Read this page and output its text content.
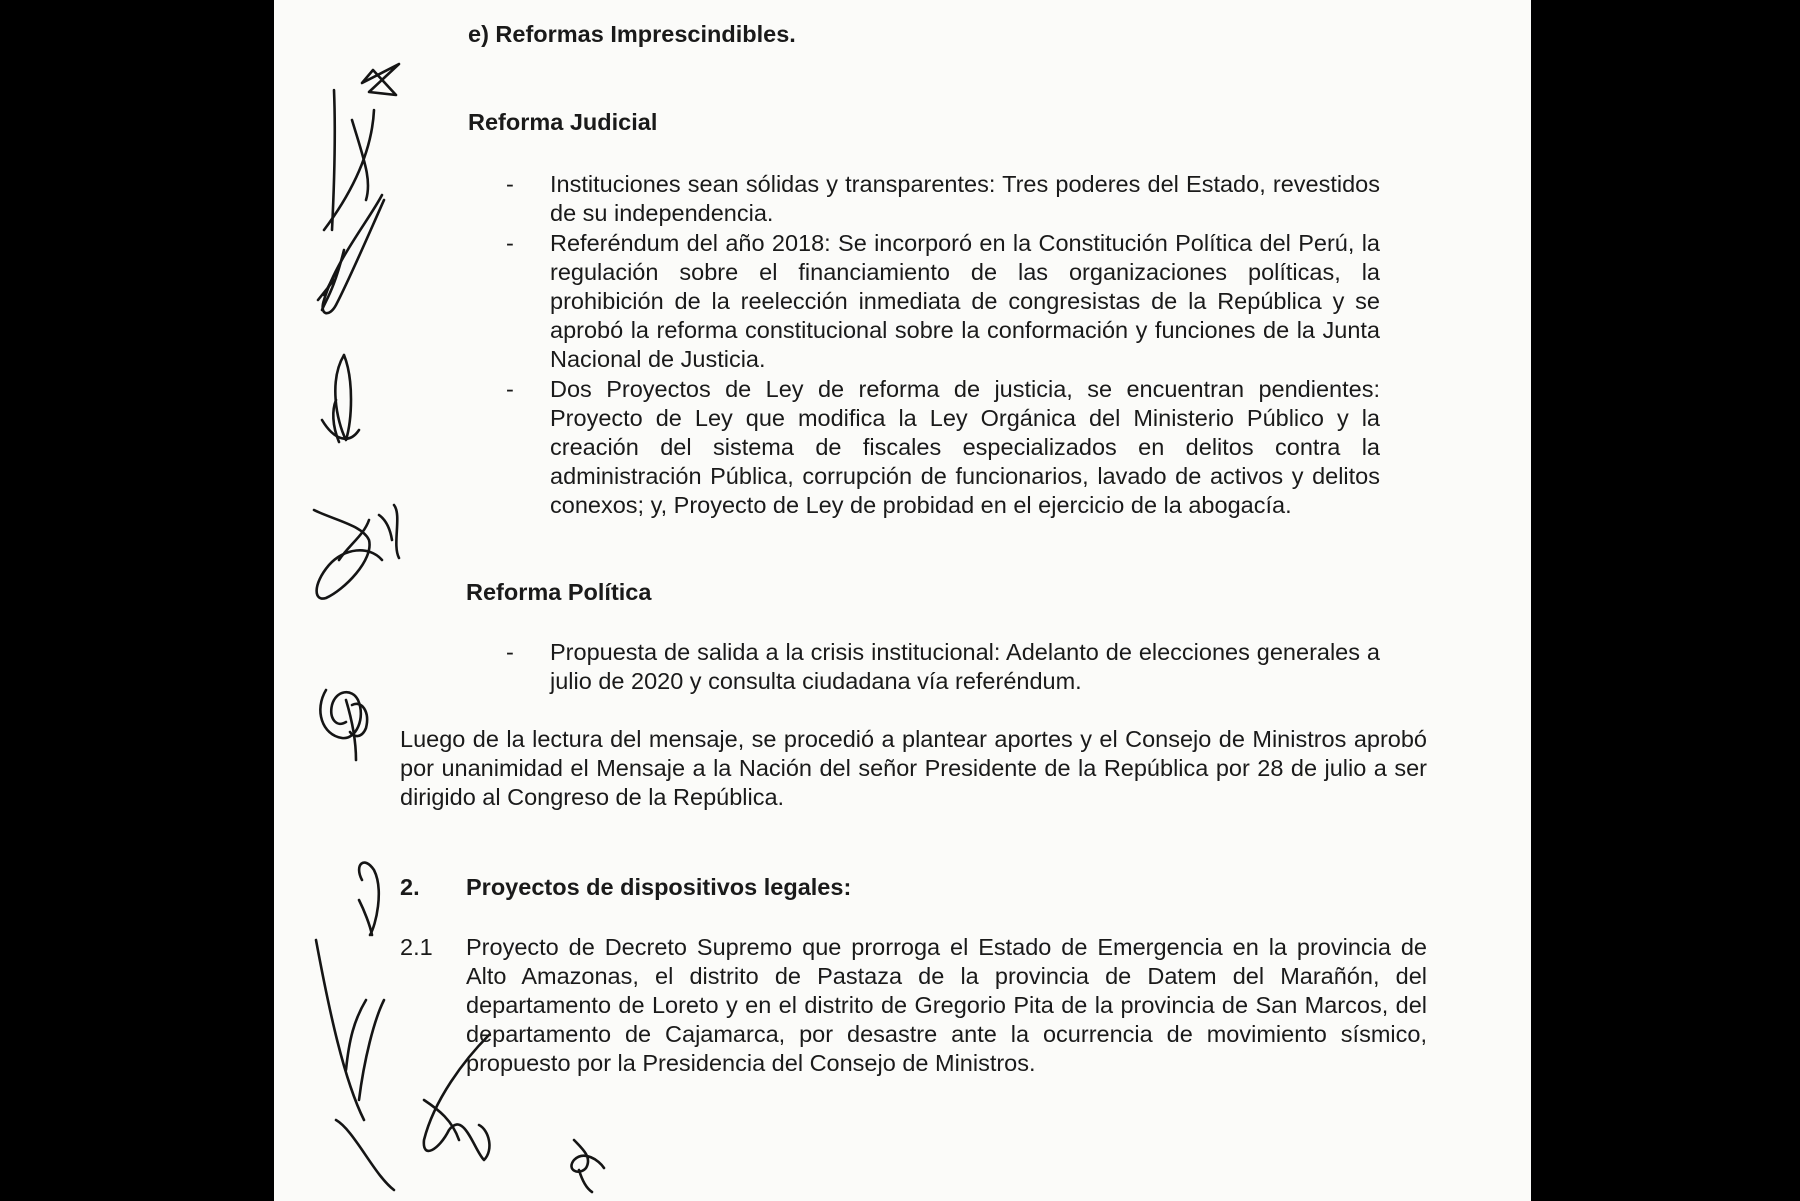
e) Reformas Imprescindibles.
Reforma Judicial
- Instituciones sean sólidas y transparentes: Tres poderes del Estado, revestidos de su independencia.
- Referéndum del año 2018: Se incorporó en la Constitución Política del Perú, la regulación sobre el financiamiento de las organizaciones políticas, la prohibición de la reelección inmediata de congresistas de la República y se aprobó la reforma constitucional sobre la conformación y funciones de la Junta Nacional de Justicia.
- Dos Proyectos de Ley de reforma de justicia, se encuentran pendientes: Proyecto de Ley que modifica la Ley Orgánica del Ministerio Público y la creación del sistema de fiscales especializados en delitos contra la administración Pública, corrupción de funcionarios, lavado de activos y delitos conexos; y, Proyecto de Ley de probidad en el ejercicio de la abogacía.
Reforma Política
- Propuesta de salida a la crisis institucional: Adelanto de elecciones generales a julio de 2020 y consulta ciudadana vía referéndum.
Luego de la lectura del mensaje, se procedió a plantear aportes y el Consejo de Ministros aprobó por unanimidad el Mensaje a la Nación del señor Presidente de la República por 28 de julio a ser dirigido al Congreso de la República.
2. Proyectos de dispositivos legales:
2.1 Proyecto de Decreto Supremo que prorroga el Estado de Emergencia en la provincia de Alto Amazonas, el distrito de Pastaza de la provincia de Datem del Marañón, del departamento de Loreto y en el distrito de Gregorio Pita de la provincia de San Marcos, del departamento de Cajamarca, por desastre ante la ocurrencia de movimiento sísmico, propuesto por la Presidencia del Consejo de Ministros.
